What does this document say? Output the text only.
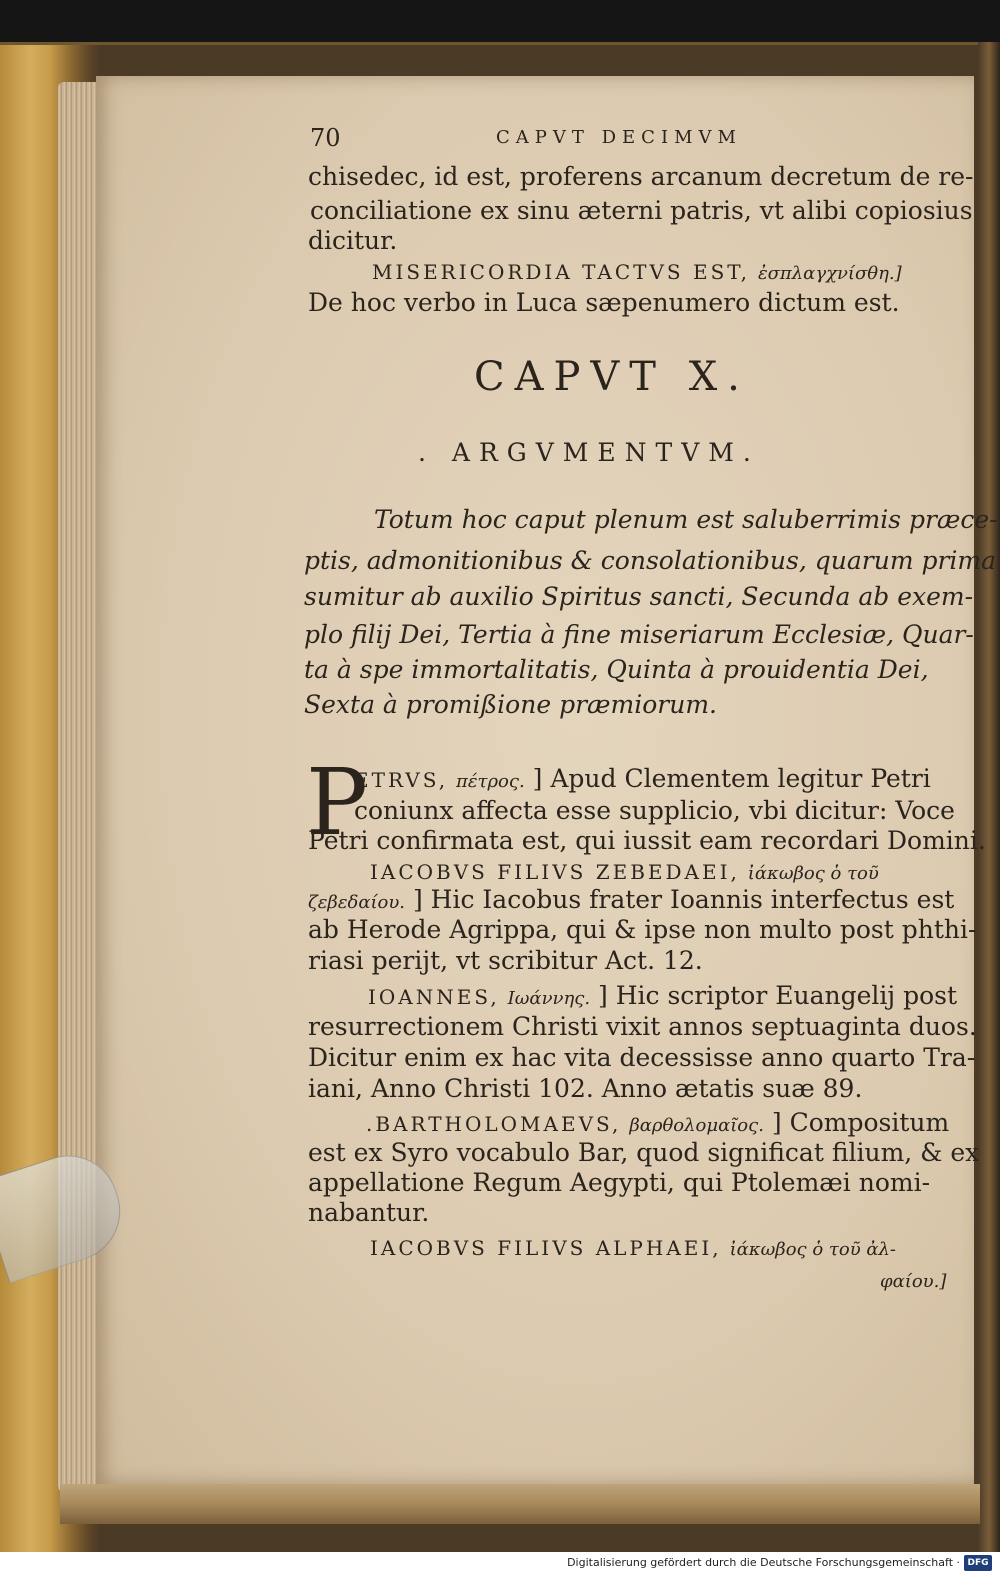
70	CAPVT DECIMVM
chisedec, id est, proferens arcanum decretum de re-
conciliatione ex sinu æterni patris, vt alibi copiosius
dicitur.
MISERICORDIA TACTVS EST, ἐσπλαγχνίσθη.]
De hoc verbo in Luca sæpenumero dictum est.
CAPVT X.
. ARGVMENTVM.
Totum hoc caput plenum est saluberrimis præce-
ptis, admonitionibus & consolationibus, quarum prima
sumitur ab auxilio Spiritus sancti, Secunda ab exem-
plo filij Dei, Tertia à fine miseriarum Ecclesiæ, Quar-
ta à spe immortalitatis, Quinta à prouidentia Dei,
Sexta à promißione præmiorum.
P
ETRVS, πέτρος. ] Apud Clementem legitur Petri
coniunx affecta esse supplicio, vbi dicitur: Voce
Petri confirmata est, qui iussit eam recordari Domini.
IACOBVS FILIVS ZEBEDAEI, ἰάκωβος ὁ τοῦ
ζεβεδαίου. ] Hic Iacobus frater Ioannis interfectus est
ab Herode Agrippa, qui & ipse non multo post phthi-
riasi perijt, vt scribitur Act. 12.
IOANNES, Ιωάννης. ] Hic scriptor Euangelij post
resurrectionem Christi vixit annos septuaginta duos.
Dicitur enim ex hac vita decessisse anno quarto Tra-
iani, Anno Christi 102. Anno ætatis suæ 89.
.BARTHOLOMAEVS, βαρθολομαῖος. ] Compositum
est ex Syro vocabulo Bar, quod significat filium, & ex
appellatione Regum Aegypti, qui Ptolemæi nomi-
nabantur.
IACOBVS FILIVS ALPHAEI, ἰάκωβος ὁ τοῦ ἀλ-
φαίου.]
Digitalisierung gefördert durch die Deutsche Forschungsgemeinschaft · DFG
